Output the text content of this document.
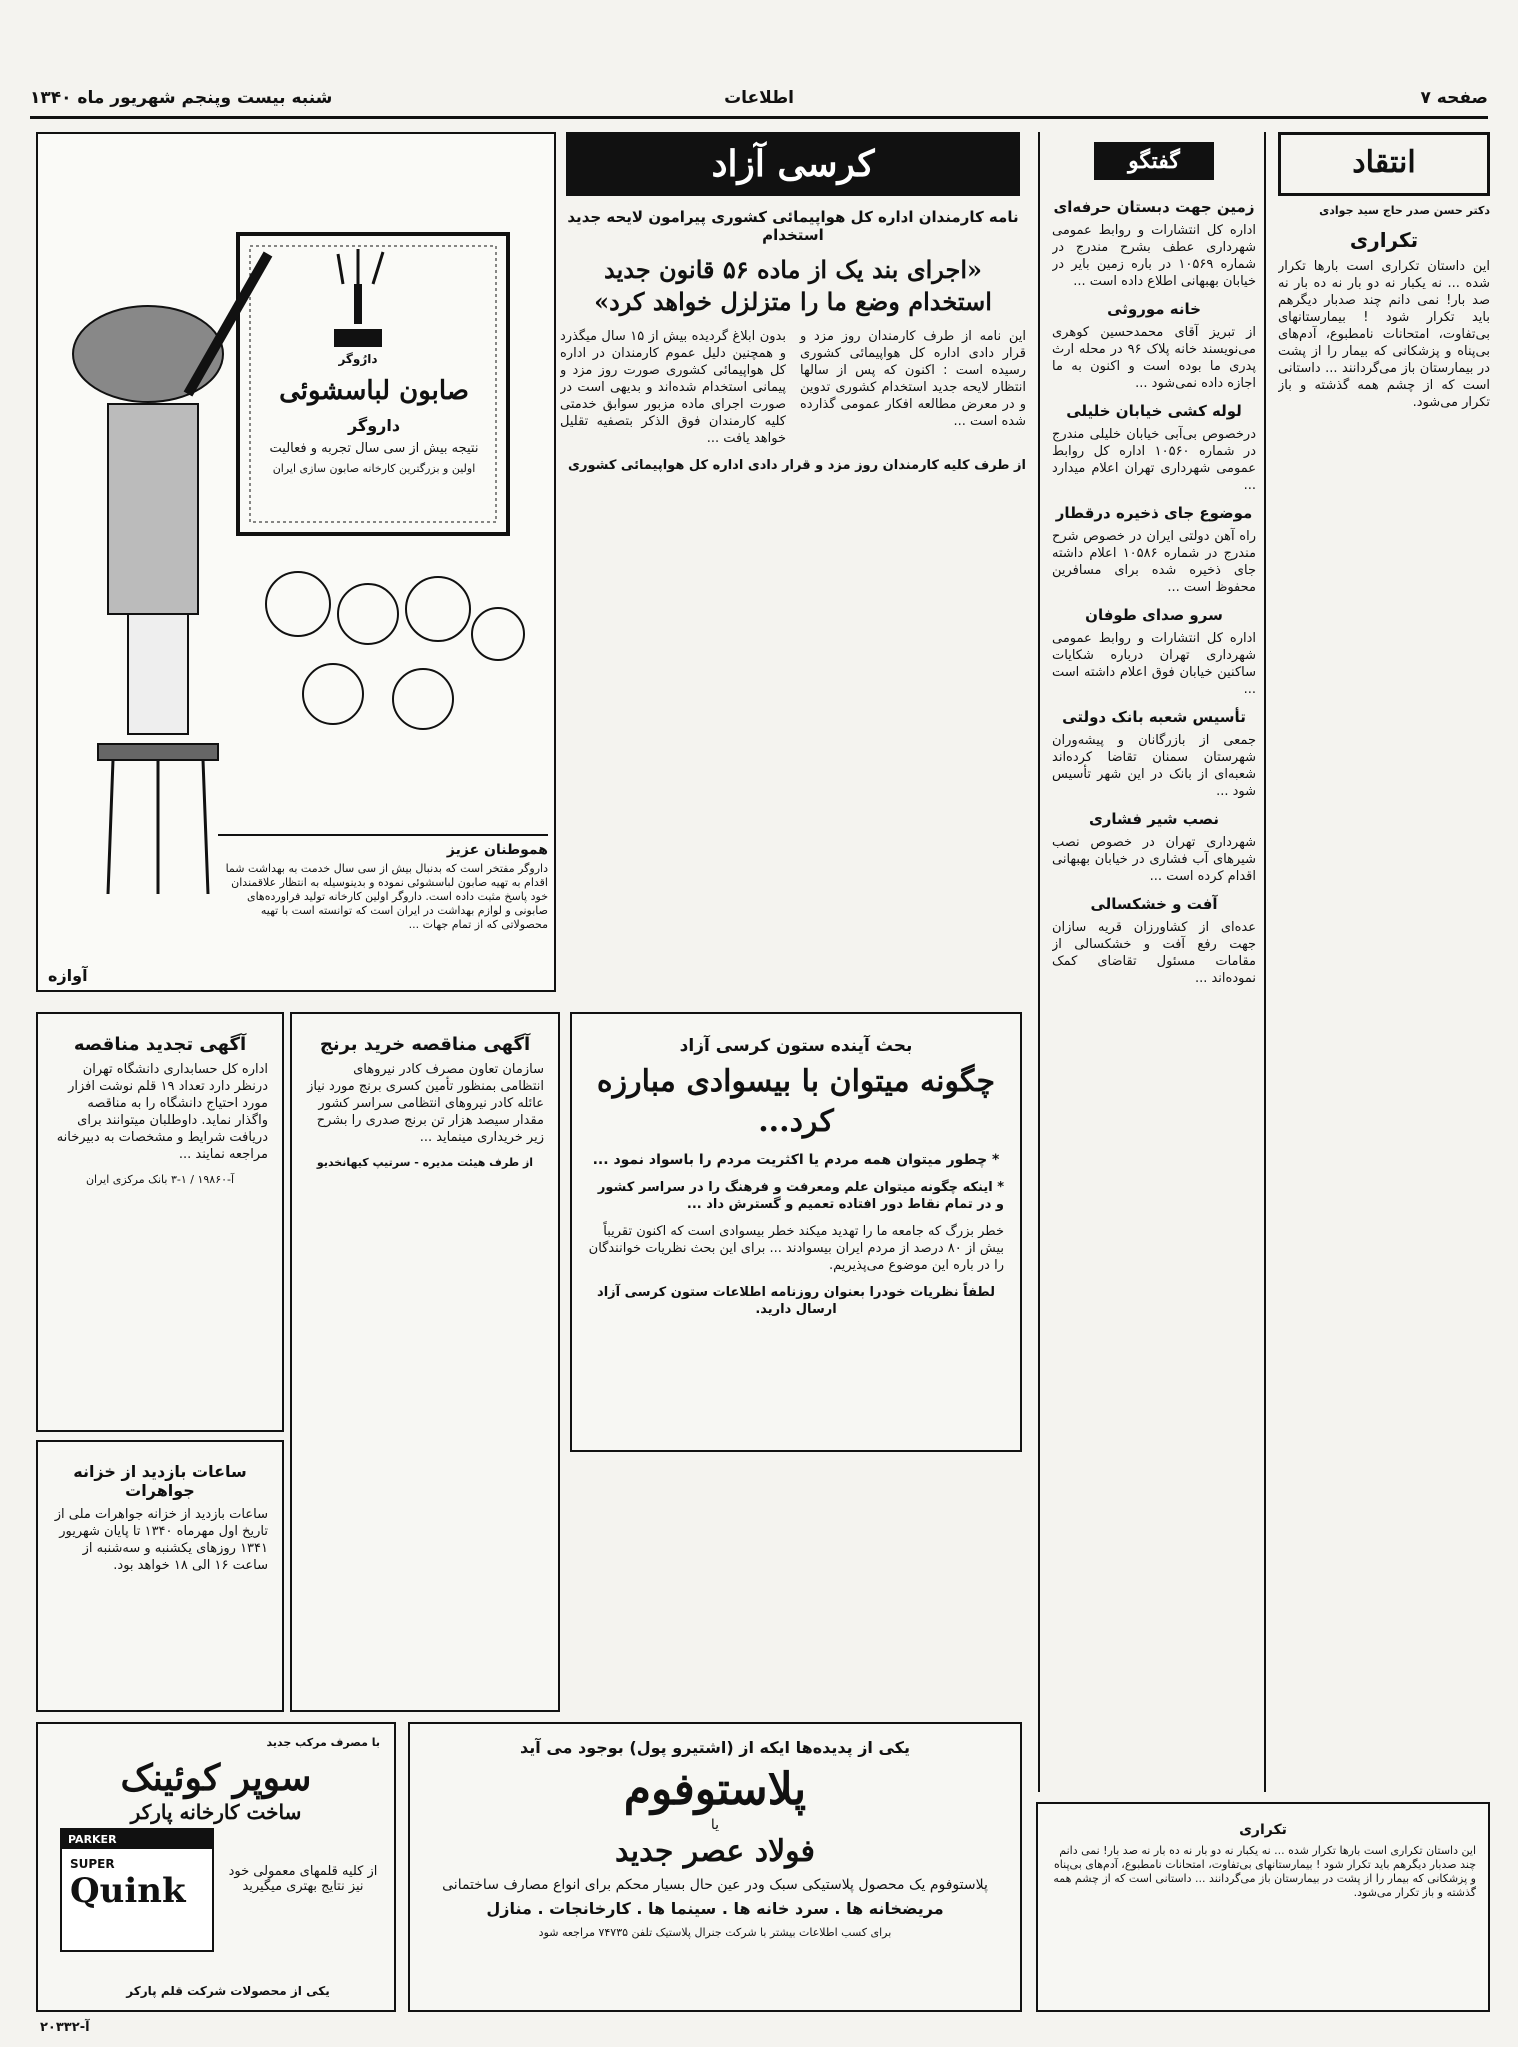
شنبه بیست وپنجم شهریور ماه ۱۳۴۰	اطلاعات	صفحه ۷
انتقاد
دکتر حسن صدر حاج سید جوادی
تکراری

این داستان تکراری است بارها تکرار شده ... نه یکبار نه دو بار نه ده بار نه صد بار! نمی دانم چند صدبار دیگرهم باید تکرار شود ! بیمارستانهای بی‌تفاوت، امتحانات نامطبوع، آدم‌های بی‌پناه و پزشکانی که بیمار را از پشت در بیمارستان باز می‌گردانند ... داستانی است که از چشم همه گذشته و باز تکرار می‌شود.

گفتگو
زمین جهت دبستان حرفه‌ای

اداره کل انتشارات و روابط عمومی شهرداری عطف بشرح مندرج در شماره ۱۰۵۶۹ در باره زمین بایر در خیابان بهبهانی اطلاع داده است ...

خانه موروثی

از تبریز آقای محمدحسین کوهری می‌نویسند خانه پلاک ۹۶ در محله ارث پدری ما بوده است و اکنون به ما اجازه داده نمی‌شود ...

لوله کشی خیابان خلیلی

درخصوص بی‌آبی خیابان خلیلی مندرج در شماره ۱۰۵۶۰ اداره کل روابط عمومی شهرداری تهران اعلام میدارد ...

موضوع جای ذخیره درقطار

راه آهن دولتی ایران در خصوص شرح مندرج در شماره ۱۰۵۸۶ اعلام داشته جای ذخیره شده برای مسافرین محفوظ است ...

سرو صدای طوفان

اداره کل انتشارات و روابط عمومی شهرداری تهران درباره شکایات ساکنین خیابان فوق اعلام داشته است ...

تأسیس شعبه بانک دولتی

جمعی از بازرگانان و پیشه‌وران شهرستان سمنان تقاضا کرده‌اند شعبه‌ای از بانک در این شهر تأسیس شود ...

نصب شیر فشاری

شهرداری تهران در خصوص نصب شیرهای آب فشاری در خیابان بهبهانی اقدام کرده است ...

آفت و خشکسالی

عده‌ای از کشاورزان قریه سازان جهت رفع آفت و خشکسالی از مقامات مسئول تقاضای کمک نموده‌اند ...

کرسی آزاد
نامه کارمندان اداره کل هواپیمائی کشوری پیرامون لایحه جدید استخدام
«اجرای بند یک از ماده ۵۶ قانون جدید استخدام وضع ما را متزلزل خواهد کرد»

این نامه از طرف کارمندان روز مزد و قرار دادی اداره کل هواپیمائی کشوری رسیده است : اکنون که پس از سالها انتظار لایحه جدید استخدام کشوری تدوین و در معرض مطالعه افکار عمومی گذارده شده است ...

بدون ابلاغ گردیده بیش از ۱۵ سال میگذرد و همچنین دلیل عموم کارمندان در اداره کل هواپیمائی کشوری صورت روز مزد و پیمانی استخدام شده‌اند و بدیهی است در صورت اجرای ماده مزبور سوابق خدمتی کلیه کارمندان فوق الذکر بتصفیه تقلیل خواهد یافت ...

از طرف کلیه کارمندان روز مزد و قرار دادی اداره کل هواپیمائی کشوری

بحث آینده ستون کرسی آزاد
چگونه میتوان با بیسوادی مبارزه کرد...

* چطور میتوان همه مردم یا اکثریت مردم را باسواد نمود ...

* اینکه چگونه میتوان علم ومعرفت و فرهنگ را در سراسر کشور و در تمام نقاط دور افتاده تعمیم و گسترش داد ...

خطر بزرگ که جامعه ما را تهدید میکند خطر بیسوادی است که اکنون تقریباً بیش از ۸۰ درصد از مردم ایران بیسوادند ... برای این بحث نظریات خوانندگان را در باره این موضوع می‌پذیریم.

لطفاً نظریات خودرا بعنوان روزنامه اطلاعات ستون کرسی آزاد ارسال دارید.

دارُوگر
صابون لباسشوئی
داروگر
نتیجه بیش از سی سال تجربه و فعالیت
اولین و بزرگترین کارخانه صابون سازی ایران
هموطنان عزیز

داروگر مفتخر است که بدنبال بیش از سی سال خدمت به بهداشت شما اقدام به تهیه صابون لباسشوئی نموده و بدینوسیله به انتظار علاقمندان خود پاسخ مثبت داده است. داروگر اولین کارخانه تولید فراورده‌های صابونی و لوازم بهداشت در ایران است که توانسته است با تهیه محصولاتی که از تمام جهات ...

آوازه
آگهی مناقصه خرید برنج

سازمان تعاون مصرف کادر نیروهای انتظامی بمنظور تأمین کسری برنج مورد نیاز عائله کادر نیروهای انتظامی سراسر کشور مقدار سیصد هزار تن برنج صدری را بشرح زیر خریداری مینماید ...

از طرف هیئت مدیره - سرتیپ کیهانخدیو

آگهی تجدید مناقصه

اداره کل حسابداری دانشگاه تهران درنظر دارد تعداد ۱۹ قلم نوشت افزار مورد احتیاج دانشگاه را به مناقصه واگذار نماید. داوطلبان میتوانند برای دریافت شرایط و مشخصات به دبیرخانه مراجعه نمایند ...

آ-۱۹۸۶۰ / ۱-۳ بانک مرکزی ایران

ساعات بازدید از خزانه جواهرات

ساعات بازدید از خزانه جواهرات ملی از تاریخ اول مهرماه ۱۳۴۰ تا پایان شهریور ۱۳۴۱ روزهای یکشنبه و سه‌شنبه از ساعت ۱۶ الی ۱۸ خواهد بود.

با مصرف مرکب جدید
سوپر کوئینک
ساخت کارخانه پارکر
PARKER
SUPER
Quink	از کلیه قلمهای معمولی خود نیز نتایج بهتری میگیرید
یکی از محصولات شرکت قلم پارکر
یکی از پدیده‌ها ایکه از (اشتیرو پول) بوجود می آید
پلاستوفوم
یا
فولاد عصر جدید
پلاستوفوم یک محصول پلاستیکی سبک ودر عین حال بسیار محکم برای انواع مصارف ساختمانی
مریضخانه ها . سرد خانه ها . سینما ها . کارخانجات . منازل
برای کسب اطلاعات بیشتر با شرکت جنرال پلاستیک تلفن ۷۴۷۳۵ مراجعه شود
تکراری

این داستان تکراری است بارها تکرار شده ... نه یکبار نه دو بار نه ده بار نه صد بار! نمی دانم چند صدبار دیگرهم باید تکرار شود ! بیمارستانهای بی‌تفاوت، امتحانات نامطبوع، آدم‌های بی‌پناه و پزشکانی که بیمار را از پشت در بیمارستان باز می‌گردانند ... داستانی است که از چشم همه گذشته و باز تکرار می‌شود.

آ-۲۰۳۳۲
